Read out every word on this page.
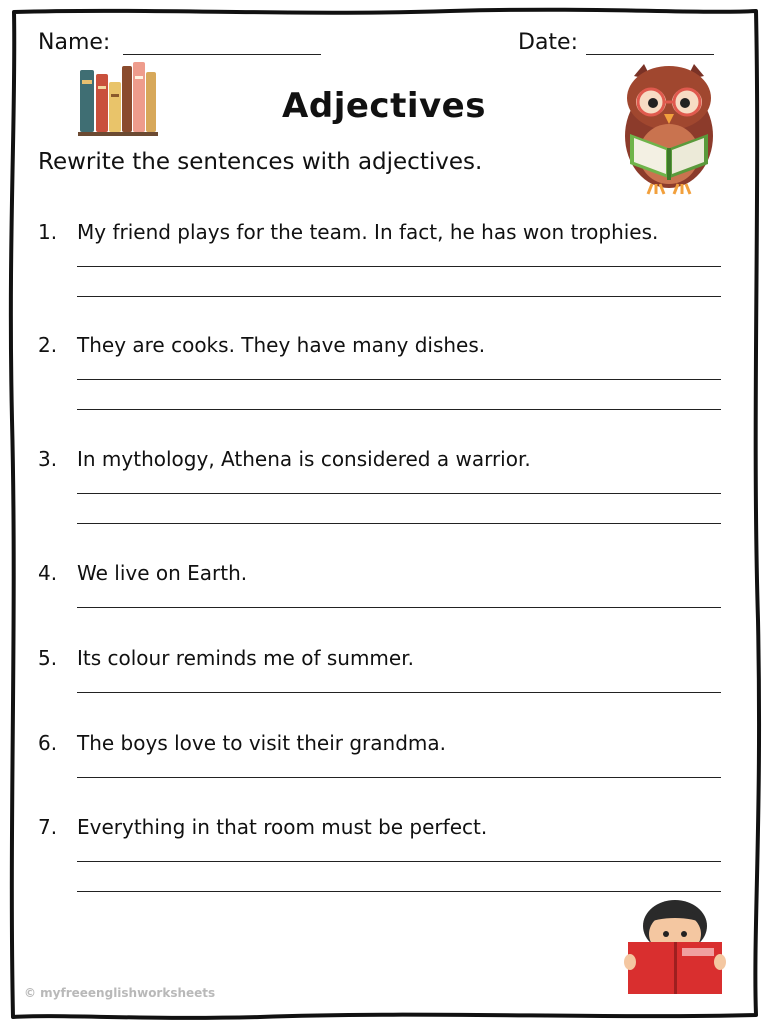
Name:	Date:
Adjectives
Rewrite the sentences with adjectives.
1. My friend plays for the team. In fact, he has won trophies.
2. They are cooks. They have many dishes.
3. In mythology, Athena is considered a warrior.
4. We live on Earth.
5. Its colour reminds me of summer.
6. The boys love to visit their grandma.
7. Everything in that room must be perfect.
© myfreeenglishworksheets
